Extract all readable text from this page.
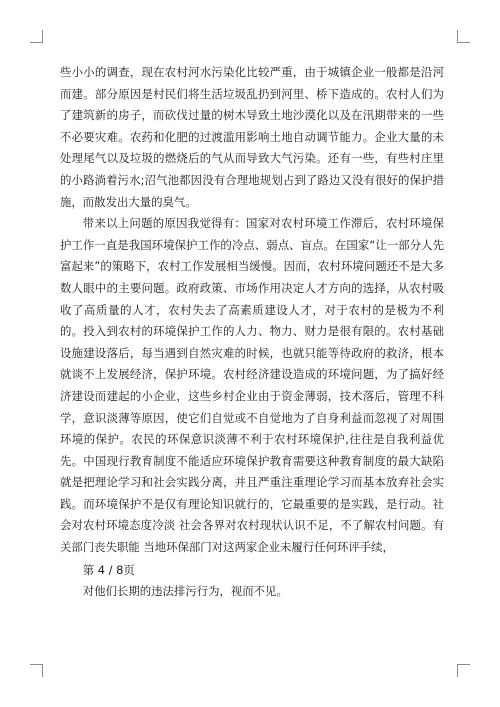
些小小的调查，现在农村河水污染化比较严重，由于城镇企业一般都是沿河而建。部分原因是村民们将生活垃圾乱扔到河里、桥下造成的。农村人们为了建筑新的房子，而砍伐过量的树木导致土地沙漠化以及在汛期带来的一些不必要灾难。农药和化肥的过渡滥用影响土地自动调节能力。企业大量的未处理尾气以及垃圾的燃烧后的气从而导致大气污染。还有一些，有些村庄里的小路淌着污水;沼气池都因没有合理地规划占到了路边又没有很好的保护措施，而散发出大量的臭气。

带来以上问题的原因我觉得有：国家对农村环境工作滞后，农村环境保护工作一直是我国环境保护工作的冷点、弱点、盲点。在国家“让一部分人先富起来”的策略下，农村工作发展相当缓慢。因而，农村环境问题还不是大多数人眼中的主要问题。政府政策、市场作用决定人才方向的选择，从农村吸收了高质量的人才，农村失去了高素质建设人才，对于农村的是极为不利的。投入到农村的环境保护工作的人力、物力、财力是很有限的。农村基础设施建设落后，每当遇到自然灾难的时候，也就只能等待政府的救济，根本就谈不上发展经济，保护环境。农村经济建设造成的环境问题，为了搞好经济建设而建起的小企业，这些乡村企业由于资金薄弱，技术落后，管理不科学，意识淡薄等原因，使它们自觉或不自觉地为了自身利益而忽视了对周围环境的保护。农民的环保意识淡薄不利于农村环境保护,往往是自我利益优先。中国现行教育制度不能适应环境保护教育需要这种教育制度的最大缺陷就是把理论学习和社会实践分离，并且严重注重理论学习而基本放弃社会实践。而环境保护不是仅有理论知识就行的，它最重要的是实践，是行动。社会对农村环境态度冷淡 社会各界对农村现状认识不足，不了解农村问题。有关部门丧失职能 当地环保部门对这两家企业未履行任何环评手续，

第 4 / 8页

对他们长期的违法排污行为，视而不见。
